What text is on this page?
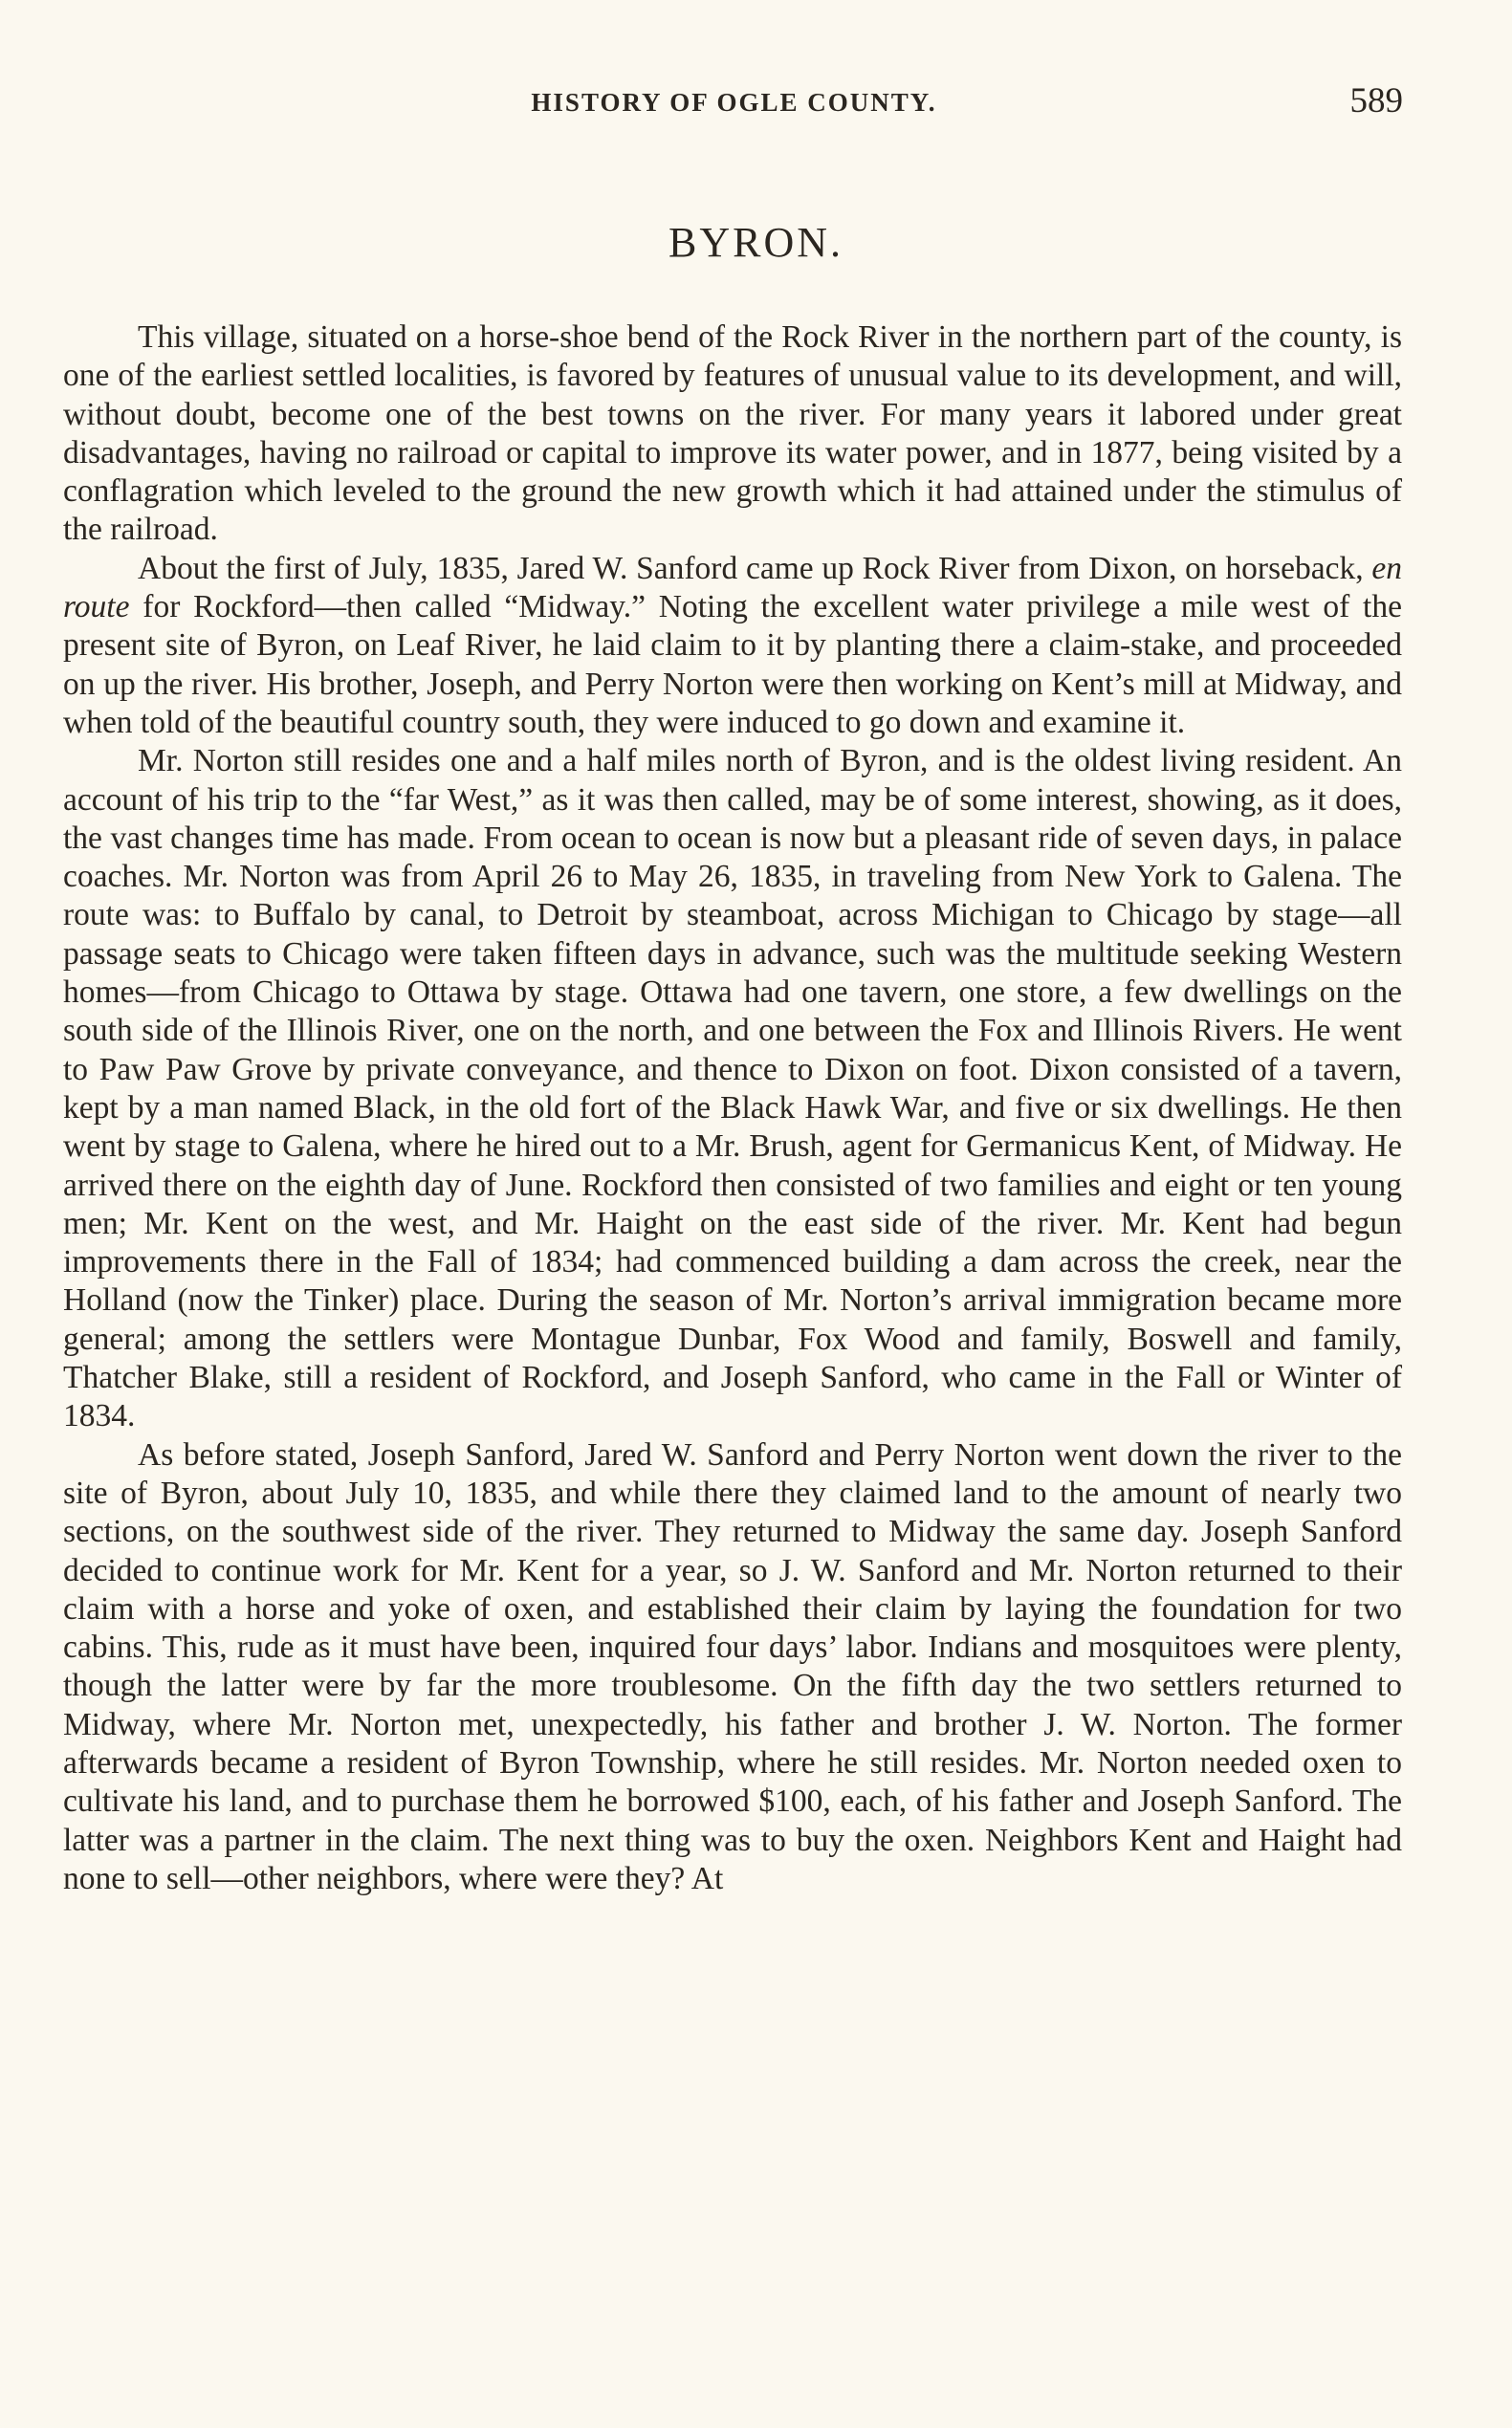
HISTORY OF OGLE COUNTY.	589
BYRON.

This village, situated on a horse-shoe bend of the Rock River in the northern part of the county, is one of the earliest settled localities, is favored by features of unusual value to its development, and will, without doubt, become one of the best towns on the river. For many years it labored under great disadvantages, having no railroad or capital to improve its water power, and in 1877, being visited by a conflagration which leveled to the ground the new growth which it had attained under the stimulus of the railroad.

About the first of July, 1835, Jared W. Sanford came up Rock River from Dixon, on horseback, en route for Rockford—then called “Midway.” Noting the excellent water privilege a mile west of the present site of Byron, on Leaf River, he laid claim to it by planting there a claim-stake, and proceeded on up the river. His brother, Joseph, and Perry Norton were then working on Kent’s mill at Midway, and when told of the beautiful country south, they were induced to go down and examine it.

Mr. Norton still resides one and a half miles north of Byron, and is the oldest living resident. An account of his trip to the “far West,” as it was then called, may be of some interest, showing, as it does, the vast changes time has made. From ocean to ocean is now but a pleasant ride of seven days, in palace coaches. Mr. Norton was from April 26 to May 26, 1835, in traveling from New York to Galena. The route was: to Buffalo by canal, to Detroit by steamboat, across Michigan to Chicago by stage—all passage seats to Chicago were taken fifteen days in advance, such was the multitude seeking Western homes—from Chicago to Ottawa by stage. Ottawa had one tavern, one store, a few dwellings on the south side of the Illinois River, one on the north, and one between the Fox and Illinois Rivers. He went to Paw Paw Grove by private conveyance, and thence to Dixon on foot. Dixon consisted of a tavern, kept by a man named Black, in the old fort of the Black Hawk War, and five or six dwellings. He then went by stage to Galena, where he hired out to a Mr. Brush, agent for Germanicus Kent, of Midway. He arrived there on the eighth day of June. Rockford then consisted of two families and eight or ten young men; Mr. Kent on the west, and Mr. Haight on the east side of the river. Mr. Kent had begun improvements there in the Fall of 1834; had commenced building a dam across the creek, near the Holland (now the Tinker) place. During the season of Mr. Norton’s arrival immigration became more general; among the settlers were Montague Dunbar, Fox Wood and family, Boswell and family, Thatcher Blake, still a resident of Rockford, and Joseph Sanford, who came in the Fall or Winter of 1834.

As before stated, Joseph Sanford, Jared W. Sanford and Perry Norton went down the river to the site of Byron, about July 10, 1835, and while there they claimed land to the amount of nearly two sections, on the southwest side of the river. They returned to Midway the same day. Joseph Sanford decided to continue work for Mr. Kent for a year, so J. W. Sanford and Mr. Norton returned to their claim with a horse and yoke of oxen, and established their claim by laying the foundation for two cabins. This, rude as it must have been, inquired four days’ labor. Indians and mosquitoes were plenty, though the latter were by far the more troublesome. On the fifth day the two settlers returned to Midway, where Mr. Norton met, unexpectedly, his father and brother J. W. Norton. The former afterwards became a resident of Byron Township, where he still resides. Mr. Norton needed oxen to cultivate his land, and to purchase them he borrowed $100, each, of his father and Joseph Sanford. The latter was a partner in the claim. The next thing was to buy the oxen. Neighbors Kent and Haight had none to sell—other neighbors, where were they? At
